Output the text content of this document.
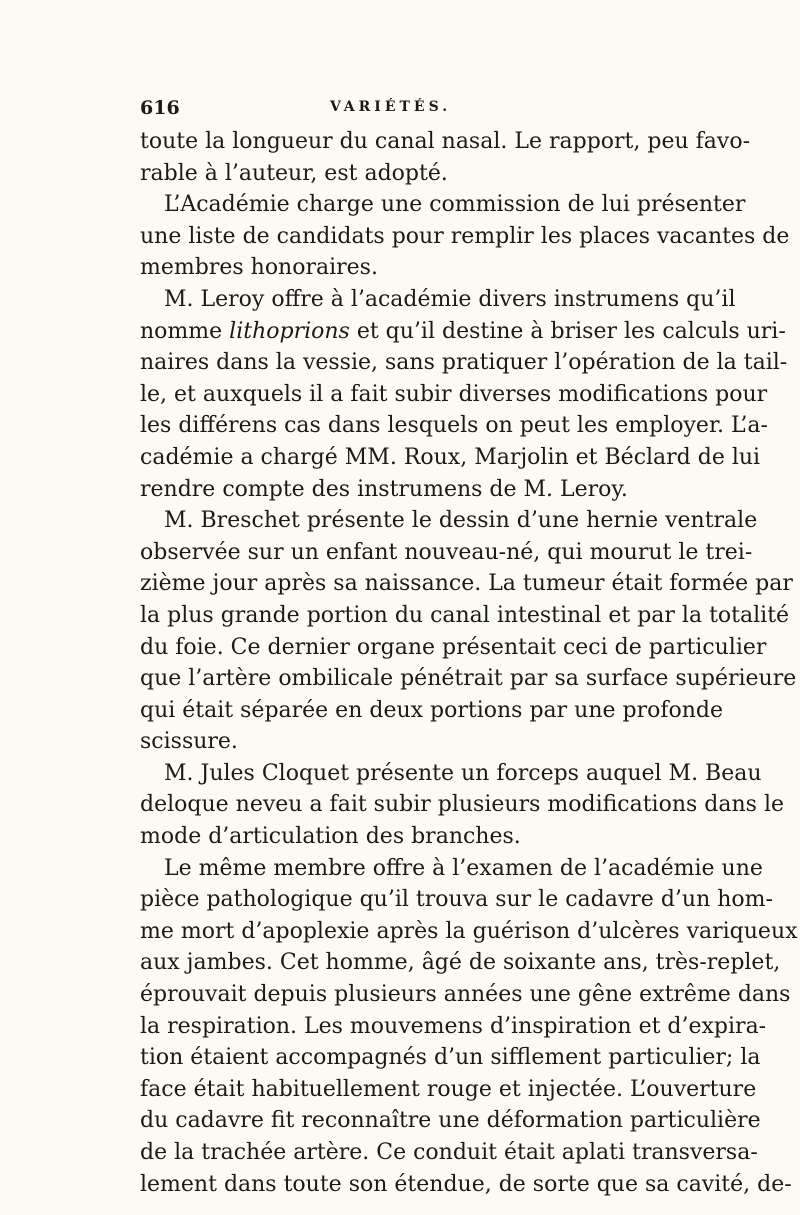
616	VARIÉTÉS.
toute la longueur du canal nasal. Le rapport, peu favo-
rable à l’auteur, est adopté.
L’Académie charge une commission de lui présenter
une liste de candidats pour remplir les places vacantes de
membres honoraires.
M. Leroy offre à l’académie divers instrumens qu’il
nomme lithoprions et qu’il destine à briser les calculs uri-
naires dans la vessie, sans pratiquer l’opération de la tail-
le, et auxquels il a fait subir diverses modifications pour
les différens cas dans lesquels on peut les employer. L’a-
cadémie a chargé MM. Roux, Marjolin et Béclard de lui
rendre compte des instrumens de M. Leroy.
M. Breschet présente le dessin d’une hernie ventrale
observée sur un enfant nouveau-né, qui mourut le trei-
zième jour après sa naissance. La tumeur était formée par
la plus grande portion du canal intestinal et par la totalité
du foie. Ce dernier organe présentait ceci de particulier
que l’artère ombilicale pénétrait par sa surface supérieure
qui était séparée en deux portions par une profonde
scissure.
M. Jules Cloquet présente un forceps auquel M. Beau
deloque neveu a fait subir plusieurs modifications dans le
mode d’articulation des branches.
Le même membre offre à l’examen de l’académie une
pièce pathologique qu’il trouva sur le cadavre d’un hom-
me mort d’apoplexie après la guérison d’ulcères variqueux
aux jambes. Cet homme, âgé de soixante ans, très-replet,
éprouvait depuis plusieurs années une gêne extrême dans
la respiration. Les mouvemens d’inspiration et d’expira-
tion étaient accompagnés d’un sifflement particulier; la
face était habituellement rouge et injectée. L’ouverture
du cadavre fit reconnaître une déformation particulière
de la trachée artère. Ce conduit était aplati transversa-
lement dans toute son étendue, de sorte que sa cavité, de-
